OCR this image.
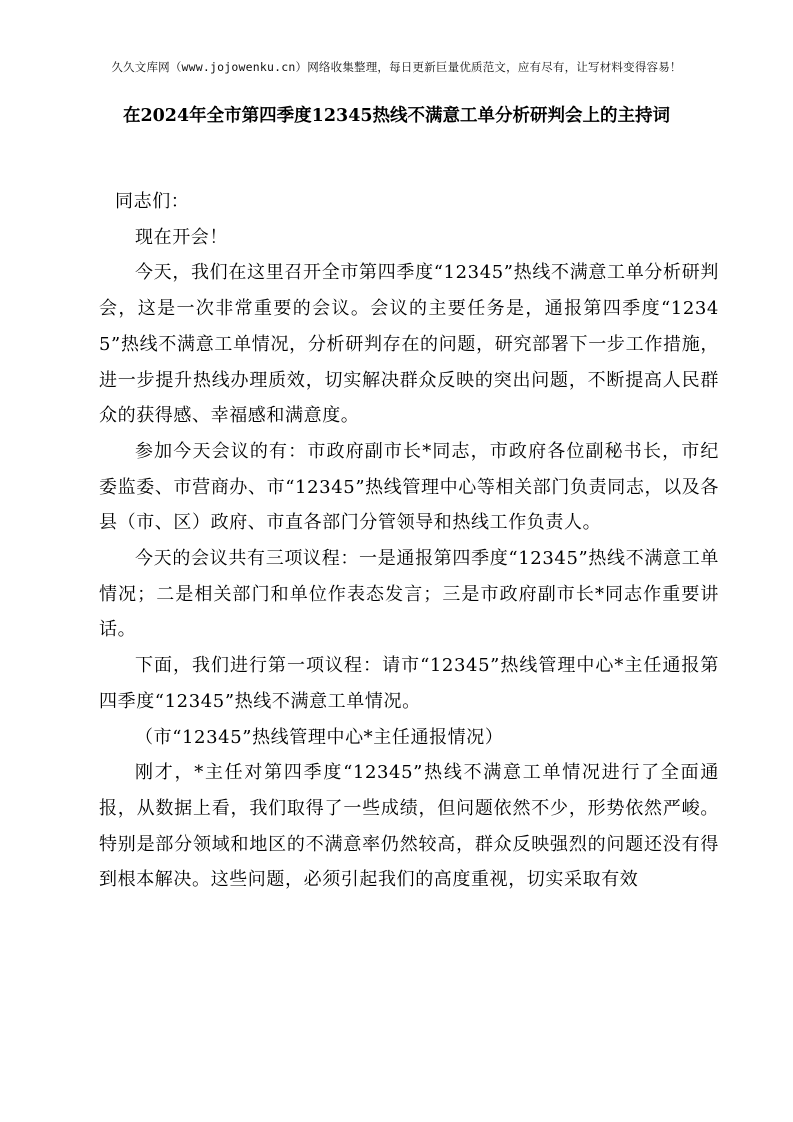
久久文库网（www.jojowenku.cn）网络收集整理，每日更新巨量优质范文，应有尽有，让写材料变得容易！
在2024年全市第四季度12345热线不满意工单分析研判会上的主持词

同志们：

现在开会！

今天，我们在这里召开全市第四季度“12345”热线不满意工单分析研判会，这是一次非常重要的会议。会议的主要任务是，通报第四季度“12345”热线不满意工单情况，分析研判存在的问题，研究部署下一步工作措施，进一步提升热线办理质效，切实解决群众反映的突出问题，不断提高人民群众的获得感、幸福感和满意度。

参加今天会议的有：市政府副市长*同志，市政府各位副秘书长，市纪委监委、市营商办、市“12345”热线管理中心等相关部门负责同志，以及各县（市、区）政府、市直各部门分管领导和热线工作负责人。

今天的会议共有三项议程：一是通报第四季度“12345”热线不满意工单情况；二是相关部门和单位作表态发言；三是市政府副市长*同志作重要讲话。

下面，我们进行第一项议程：请市“12345”热线管理中心*主任通报第四季度“12345”热线不满意工单情况。

（市“12345”热线管理中心*主任通报情况）

刚才，*主任对第四季度“12345”热线不满意工单情况进行了全面通报，从数据上看，我们取得了一些成绩，但问题依然不少，形势依然严峻。特别是部分领域和地区的不满意率仍然较高，群众反映强烈的问题还没有得到根本解决。这些问题，必须引起我们的高度重视，切实采取有效
